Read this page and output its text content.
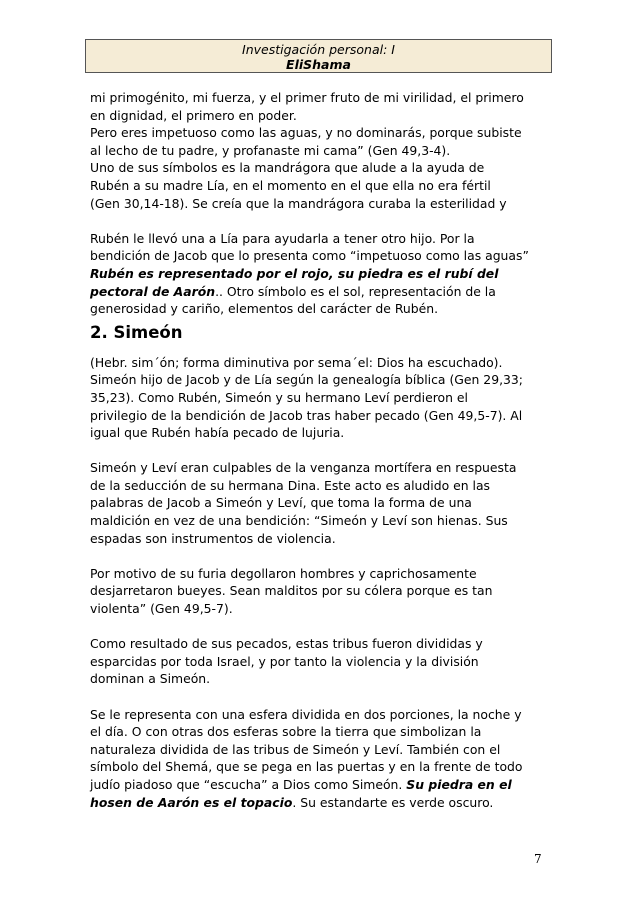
Investigación personal: I
EliShama

mi primogénito, mi fuerza, y el primer fruto de mi virilidad, el primero
en dignidad, el primero en poder.
Pero eres impetuoso como las aguas, y no dominarás, porque subiste
al lecho de tu padre, y profanaste mi cama” (Gen 49,3-4).
Uno de sus símbolos es la mandrágora que alude a la ayuda de
Rubén a su madre Lía, en el momento en el que ella no era fértil
(Gen 30,14-18). Se creía que la mandrágora curaba la esterilidad y

Rubén le llevó una a Lía para ayudarla a tener otro hijo. Por la
bendición de Jacob que lo presenta como “impetuoso como las aguas”
Rubén es representado por el rojo, su piedra es el rubí del
pectoral de Aarón.. Otro símbolo es el sol, representación de la
generosidad y cariño, elementos del carácter de Rubén.

2. Simeón

(Hebr. sim´ón; forma diminutiva por sema´el: Dios ha escuchado).
Simeón hijo de Jacob y de Lía según la genealogía bíblica (Gen 29,33;
35,23). Como Rubén, Simeón y su hermano Leví perdieron el
privilegio de la bendición de Jacob tras haber pecado (Gen 49,5-7). Al
igual que Rubén había pecado de lujuria.

Simeón y Leví eran culpables de la venganza mortífera en respuesta
de la seducción de su hermana Dina. Este acto es aludido en las
palabras de Jacob a Simeón y Leví, que toma la forma de una
maldición en vez de una bendición: “Simeón y Leví son hienas. Sus
espadas son instrumentos de violencia.

Por motivo de su furia degollaron hombres y caprichosamente
desjarretaron bueyes. Sean malditos por su cólera porque es tan
violenta” (Gen 49,5-7).

Como resultado de sus pecados, estas tribus fueron divididas y
esparcidas por toda Israel, y por tanto la violencia y la división
dominan a Simeón.

Se le representa con una esfera dividida en dos porciones, la noche y
el día. O con otras dos esferas sobre la tierra que simbolizan la
naturaleza dividida de las tribus de Simeón y Leví. También con el
símbolo del Shemá, que se pega en las puertas y en la frente de todo
judío piadoso que “escucha” a Dios como Simeón. Su piedra en el
hosen de Aarón es el topacio. Su estandarte es verde oscuro.

7
